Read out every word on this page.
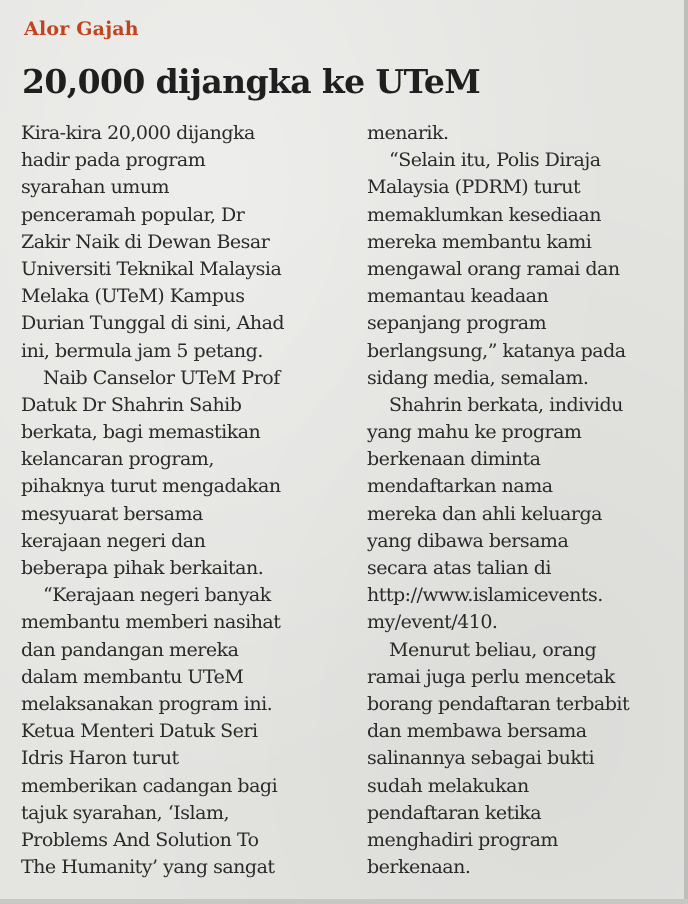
Alor Gajah
20,000 dijangka ke UTeM
Kira-kira 20,000 dijangka
hadir pada program
syarahan umum
penceramah popular, Dr
Zakir Naik di Dewan Besar
Universiti Teknikal Malaysia
Melaka (UTeM) Kampus
Durian Tunggal di sini, Ahad
ini, bermula jam 5 petang.
Naib Canselor UTeM Prof
Datuk Dr Shahrin Sahib
berkata, bagi memastikan
kelancaran program,
pihaknya turut mengadakan
mesyuarat bersama
kerajaan negeri dan
beberapa pihak berkaitan.
“Kerajaan negeri banyak
membantu memberi nasihat
dan pandangan mereka
dalam membantu UTeM
melaksanakan program ini.
Ketua Menteri Datuk Seri
Idris Haron turut
memberikan cadangan bagi
tajuk syarahan, ‘Islam,
Problems And Solution To
The Humanity’ yang sangat
menarik.
“Selain itu, Polis Diraja
Malaysia (PDRM) turut
memaklumkan kesediaan
mereka membantu kami
mengawal orang ramai dan
memantau keadaan
sepanjang program
berlangsung,” katanya pada
sidang media, semalam.
Shahrin berkata, individu
yang mahu ke program
berkenaan diminta
mendaftarkan nama
mereka dan ahli keluarga
yang dibawa bersama
secara atas talian di
http://www.islamicevents.
my/event/410.
Menurut beliau, orang
ramai juga perlu mencetak
borang pendaftaran terbabit
dan membawa bersama
salinannya sebagai bukti
sudah melakukan
pendaftaran ketika
menghadiri program
berkenaan.
